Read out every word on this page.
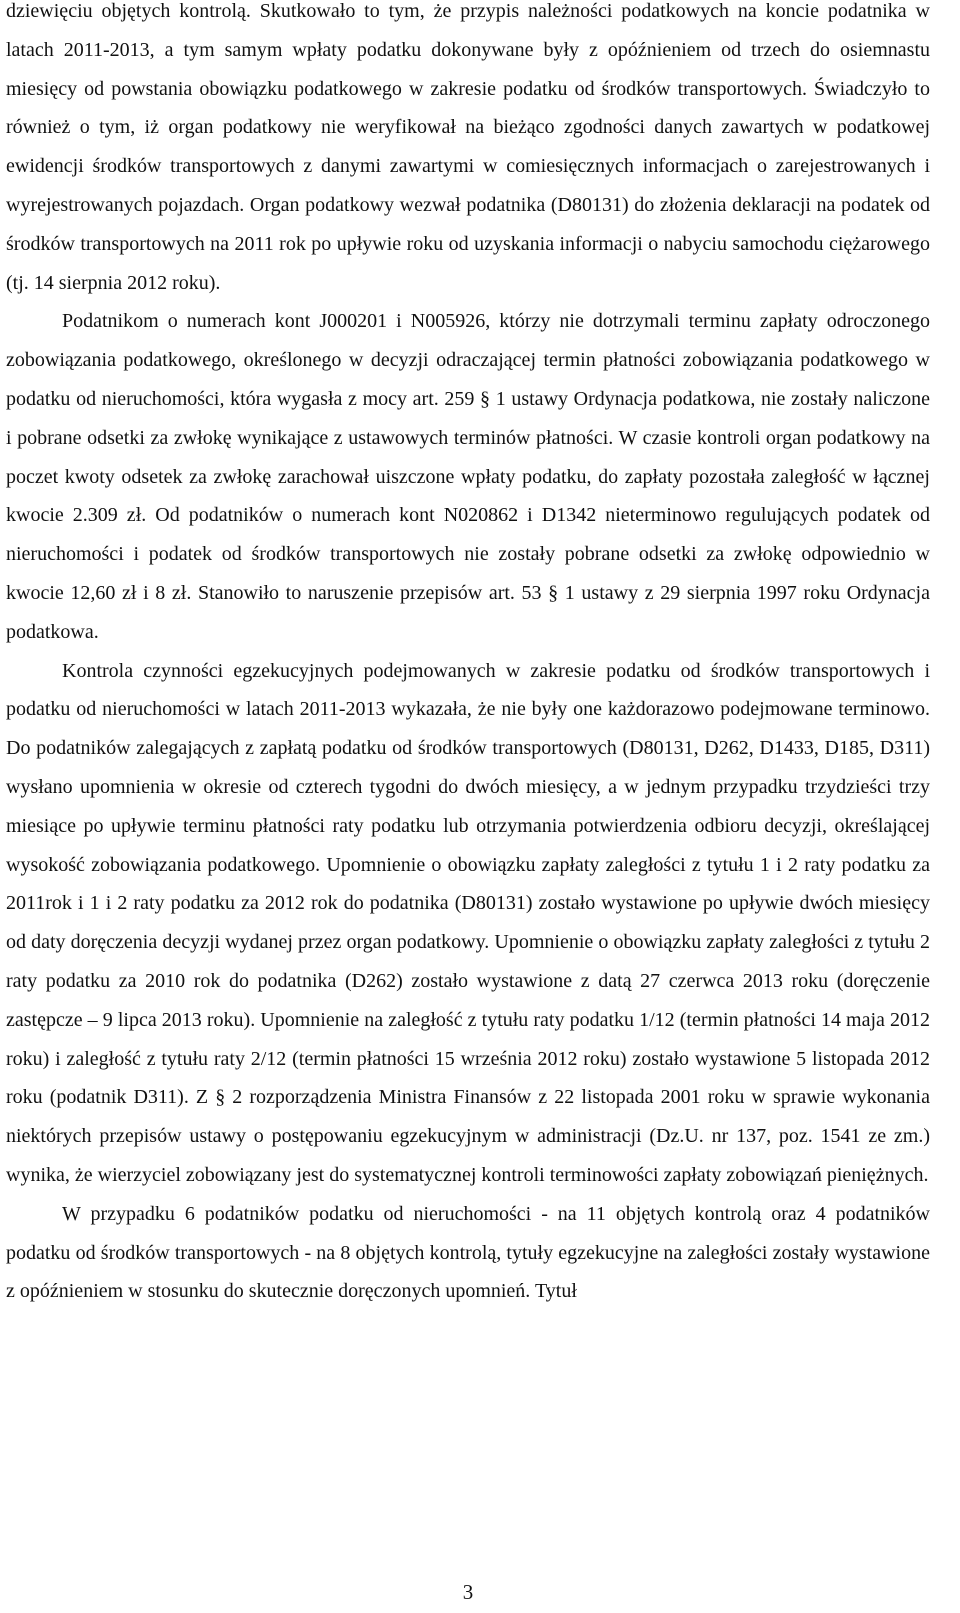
dziewięciu objętych kontrolą. Skutkowało to tym, że przypis należności podatkowych na koncie podatnika w latach 2011-2013, a tym samym wpłaty podatku dokonywane były z opóźnieniem od trzech do osiemnastu miesięcy od powstania obowiązku podatkowego w zakresie podatku od środków transportowych. Świadczyło to również o tym, iż organ podatkowy nie weryfikował na bieżąco zgodności danych zawartych w podatkowej ewidencji środków transportowych z danymi zawartymi w comiesięcznych informacjach o zarejestrowanych i wyrejestrowanych pojazdach. Organ podatkowy wezwał podatnika (D80131) do złożenia deklaracji na podatek od środków transportowych na 2011 rok po upływie roku od uzyskania informacji o nabyciu samochodu ciężarowego (tj. 14 sierpnia 2012 roku).

Podatnikom o numerach kont J000201 i N005926, którzy nie dotrzymali terminu zapłaty odroczonego zobowiązania podatkowego, określonego w decyzji odraczającej termin płatności zobowiązania podatkowego w podatku od nieruchomości, która wygasła z mocy art. 259 § 1 ustawy Ordynacja podatkowa, nie zostały naliczone i pobrane odsetki za zwłokę wynikające z ustawowych terminów płatności. W czasie kontroli organ podatkowy na poczet kwoty odsetek za zwłokę zarachował uiszczone wpłaty podatku, do zapłaty pozostała zaległość w łącznej kwocie 2.309 zł. Od podatników o numerach kont N020862 i D1342 nieterminowo regulujących podatek od nieruchomości i podatek od środków transportowych nie zostały pobrane odsetki za zwłokę odpowiednio w kwocie 12,60 zł i 8 zł. Stanowiło to naruszenie przepisów art. 53 § 1 ustawy z 29 sierpnia 1997 roku Ordynacja podatkowa.

Kontrola czynności egzekucyjnych podejmowanych w zakresie podatku od środków transportowych i podatku od nieruchomości w latach 2011-2013 wykazała, że nie były one każdorazowo podejmowane terminowo. Do podatników zalegających z zapłatą podatku od środków transportowych (D80131, D262, D1433, D185, D311) wysłano upomnienia w okresie od czterech tygodni do dwóch miesięcy, a w jednym przypadku trzydzieści trzy miesiące po upływie terminu płatności raty podatku lub otrzymania potwierdzenia odbioru decyzji, określającej wysokość zobowiązania podatkowego. Upomnienie o obowiązku zapłaty zaległości z tytułu 1 i 2 raty podatku za 2011rok i 1 i 2 raty podatku za 2012 rok do podatnika (D80131) zostało wystawione po upływie dwóch miesięcy od daty doręczenia decyzji wydanej przez organ podatkowy. Upomnienie o obowiązku zapłaty zaległości z tytułu 2 raty podatku za 2010 rok do podatnika (D262) zostało wystawione z datą 27 czerwca 2013 roku (doręczenie zastępcze – 9 lipca 2013 roku). Upomnienie na zaległość z tytułu raty podatku 1/12 (termin płatności 14 maja 2012 roku) i zaległość z tytułu raty 2/12 (termin płatności 15 września 2012 roku) zostało wystawione 5 listopada 2012 roku (podatnik D311). Z § 2 rozporządzenia Ministra Finansów z 22 listopada 2001 roku w sprawie wykonania niektórych przepisów ustawy o postępowaniu egzekucyjnym w administracji (Dz.U. nr 137, poz. 1541 ze zm.) wynika, że wierzyciel zobowiązany jest do systematycznej kontroli terminowości zapłaty zobowiązań pieniężnych.

W przypadku 6 podatników podatku od nieruchomości - na 11 objętych kontrolą oraz 4 podatników podatku od środków transportowych - na 8 objętych kontrolą, tytuły egzekucyjne na zaległości zostały wystawione z opóźnieniem w stosunku do skutecznie doręczonych upomnień. Tytuł

3
